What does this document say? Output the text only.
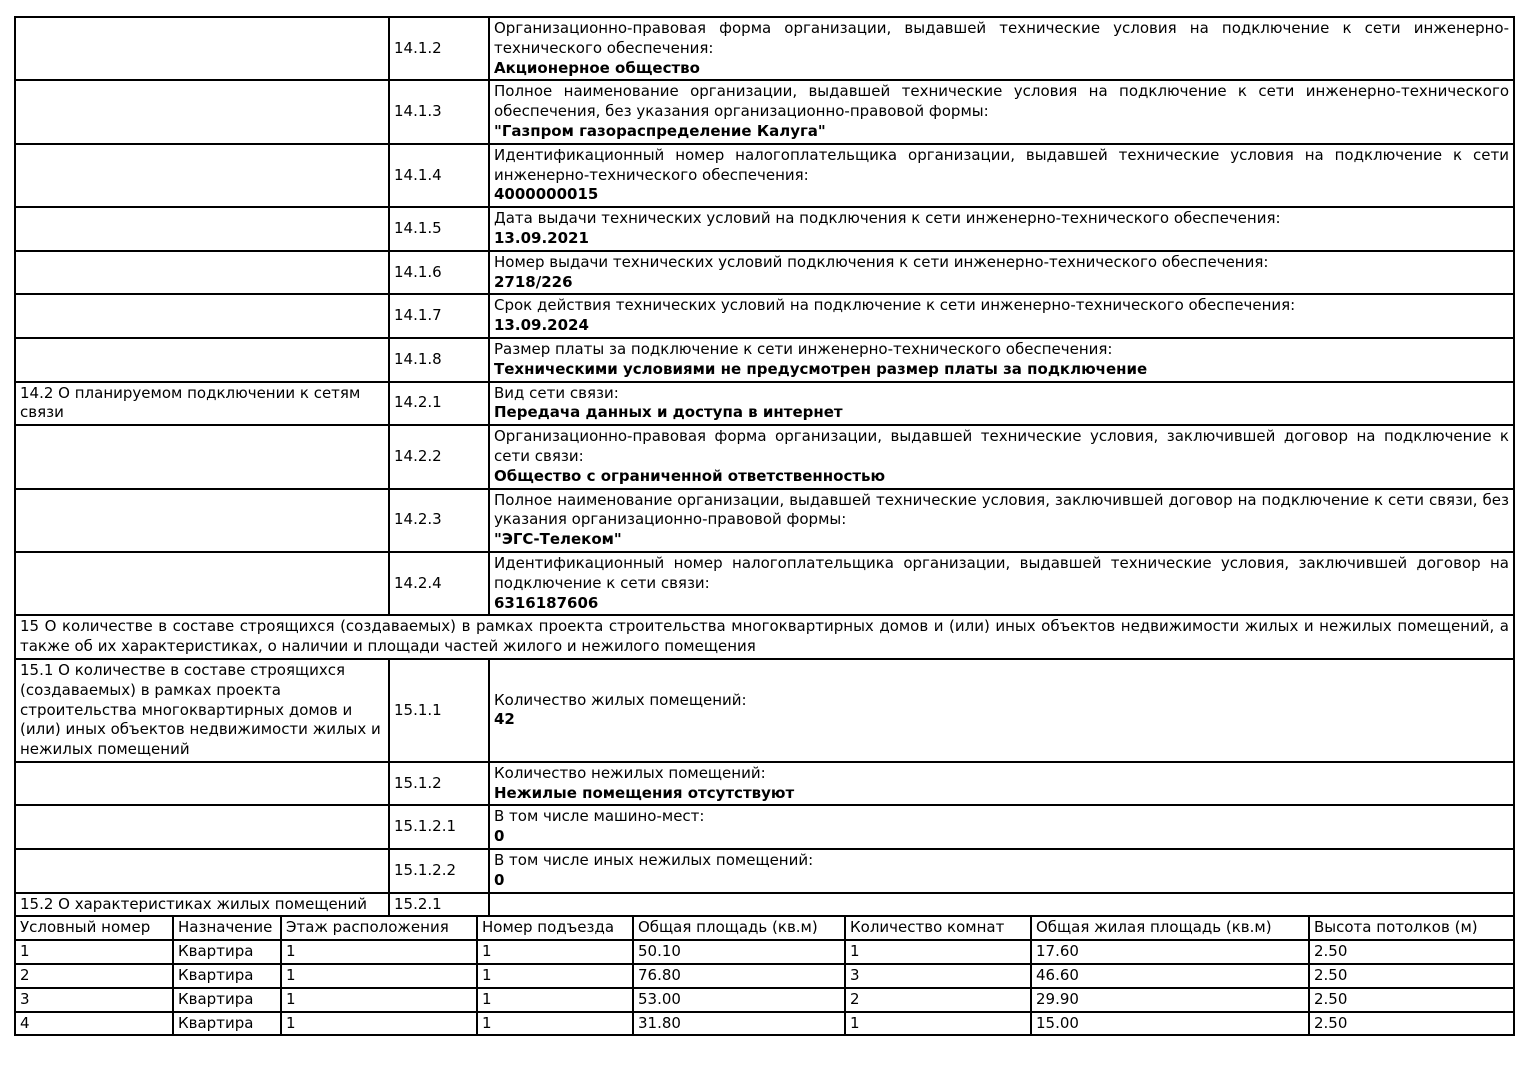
	14.1.2	Организационно-правовая форма организации, выдавшей технические условия на подключение к сети инженерно-технического обеспечения:
Акционерное общество

	14.1.3	Полное наименование организации, выдавшей технические условия на подключение к сети инженерно-технического обеспечения, без указания организационно-правовой формы:
"Газпром газораспределение Калуга"

	14.1.4	Идентификационный номер налогоплательщика организации, выдавшей технические условия на подключение к сети инженерно-технического обеспечения:
4000000015

	14.1.5	Дата выдачи технических условий на подключения к сети инженерно-технического обеспечения:
13.09.2021

	14.1.6	Номер выдачи технических условий подключения к сети инженерно-технического обеспечения:
2718/226

	14.1.7	Срок действия технических условий на подключение к сети инженерно-технического обеспечения:
13.09.2024

	14.1.8	Размер платы за подключение к сети инженерно-технического обеспечения:
Техническими условиями не предусмотрен размер платы за подключение

14.2 О планируемом подключении к сетям связи	14.2.1	Вид сети связи:
Передача данных и доступа в интернет

	14.2.2	Организационно-правовая форма организации, выдавшей технические условия, заключившей договор на подключение к сети связи:
Общество с ограниченной ответственностью

	14.2.3	Полное наименование организации, выдавшей технические условия, заключившей договор на подключение к сети связи, без указания организационно-правовой формы:
"ЭГС-Телеком"

	14.2.4	Идентификационный номер налогоплательщика организации, выдавшей технические условия, заключившей договор на подключение к сети связи:
6316187606

15 О количестве в составе строящихся (создаваемых) в рамках проекта строительства многоквартирных домов и (или) иных объектов недвижимости жилых и нежилых помещений, а также об их характеристиках, о наличии и площади частей жилого и нежилого помещения		
15.1 О количестве в составе строящихся (создаваемых) в рамках проекта строительства многоквартирных домов и (или) иных объектов недвижимости жилых и нежилых помещений	15.1.1	Количество жилых помещений:
42

	15.1.2	Количество нежилых помещений:
Нежилые помещения отсутствуют

	15.1.2.1	В том числе машино-мест:
0

	15.1.2.2	В том числе иных нежилых помещений:
0

15.2 О характеристиках жилых помещений	15.2.1	
Условный номер	Назначение	Этаж расположения	Номер подъезда	Общая площадь (кв.м)	Количество комнат	Общая жилая площадь (кв.м)	Высота потолков (м)
1	Квартира	1	1	50.10	1	17.60	2.50
2	Квартира	1	1	76.80	3	46.60	2.50
3	Квартира	1	1	53.00	2	29.90	2.50
4	Квартира	1	1	31.80	1	15.00	2.50
